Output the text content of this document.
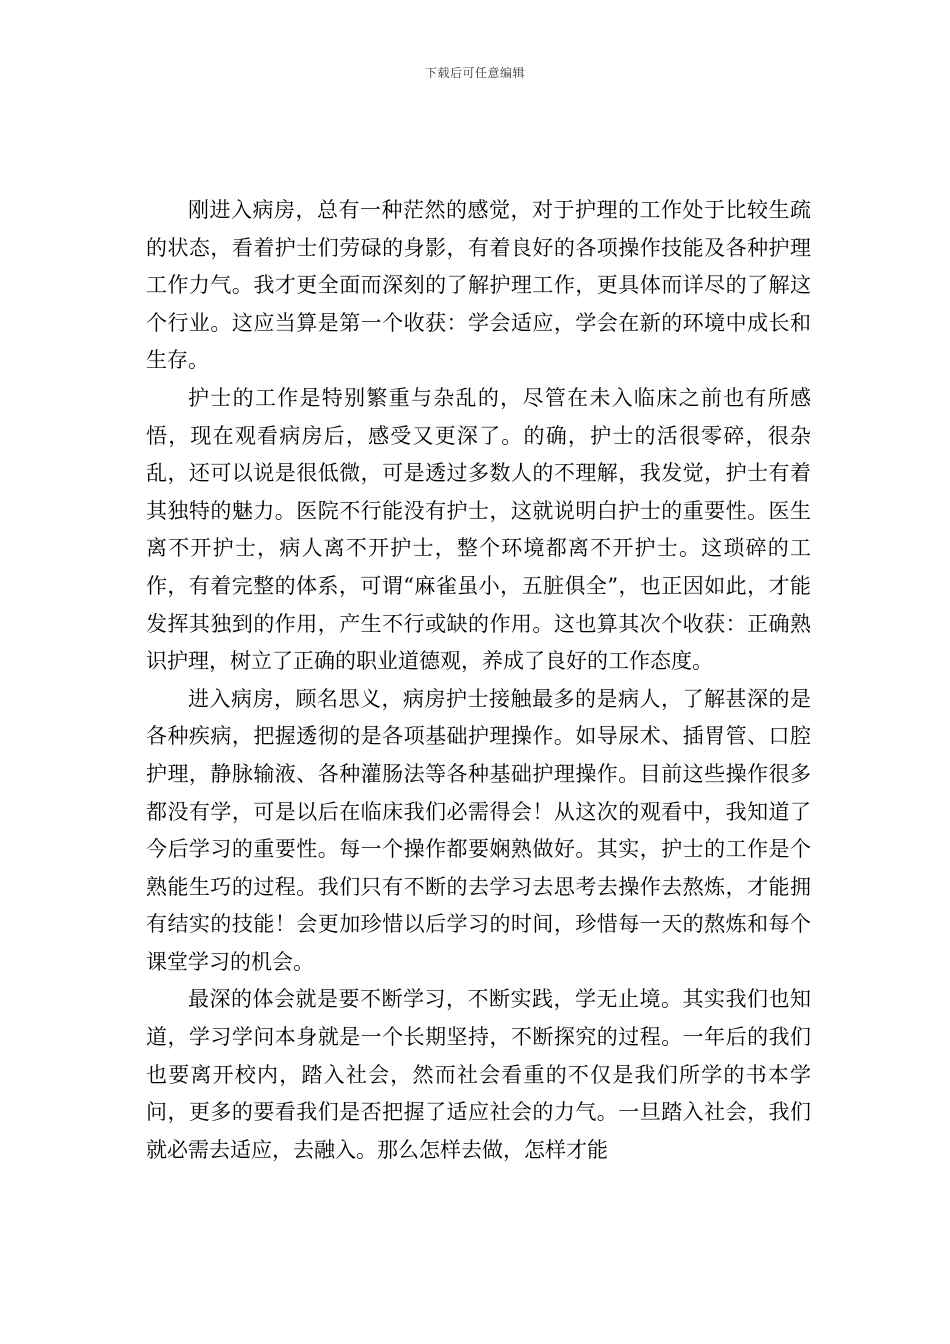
下载后可任意编辑

刚进入病房，总有一种茫然的感觉，对于护理的工作处于比较生疏的状态，看着护士们劳碌的身影，有着良好的各项操作技能及各种护理工作力气。我才更全面而深刻的了解护理工作，更具体而详尽的了解这个行业。这应当算是第一个收获：学会适应，学会在新的环境中成长和生存。

护士的工作是特别繁重与杂乱的，尽管在未入临床之前也有所感悟，现在观看病房后，感受又更深了。的确，护士的活很零碎，很杂乱，还可以说是很低微，可是透过多数人的不理解，我发觉，护士有着其独特的魅力。医院不行能没有护士，这就说明白护士的重要性。医生离不开护士，病人离不开护士，整个环境都离不开护士。这琐碎的工作，有着完整的体系，可谓“麻雀虽小，五脏俱全”，也正因如此，才能发挥其独到的作用，产生不行或缺的作用。这也算其次个收获：正确熟识护理，树立了正确的职业道德观，养成了良好的工作态度。

进入病房，顾名思义，病房护士接触最多的是病人，了解甚深的是各种疾病，把握透彻的是各项基础护理操作。如导尿术、插胃管、口腔护理，静脉输液、各种灌肠法等各种基础护理操作。目前这些操作很多都没有学，可是以后在临床我们必需得会！从这次的观看中，我知道了今后学习的重要性。每一个操作都要娴熟做好。其实，护士的工作是个熟能生巧的过程。我们只有不断的去学习去思考去操作去熬炼，才能拥有结实的技能！会更加珍惜以后学习的时间，珍惜每一天的熬炼和每个课堂学习的机会。

最深的体会就是要不断学习，不断实践，学无止境。其实我们也知道，学习学问本身就是一个长期坚持，不断探究的过程。一年后的我们也要离开校内，踏入社会，然而社会看重的不仅是我们所学的书本学问，更多的要看我们是否把握了适应社会的力气。一旦踏入社会，我们就必需去适应，去融入。那么怎样去做，怎样才能
